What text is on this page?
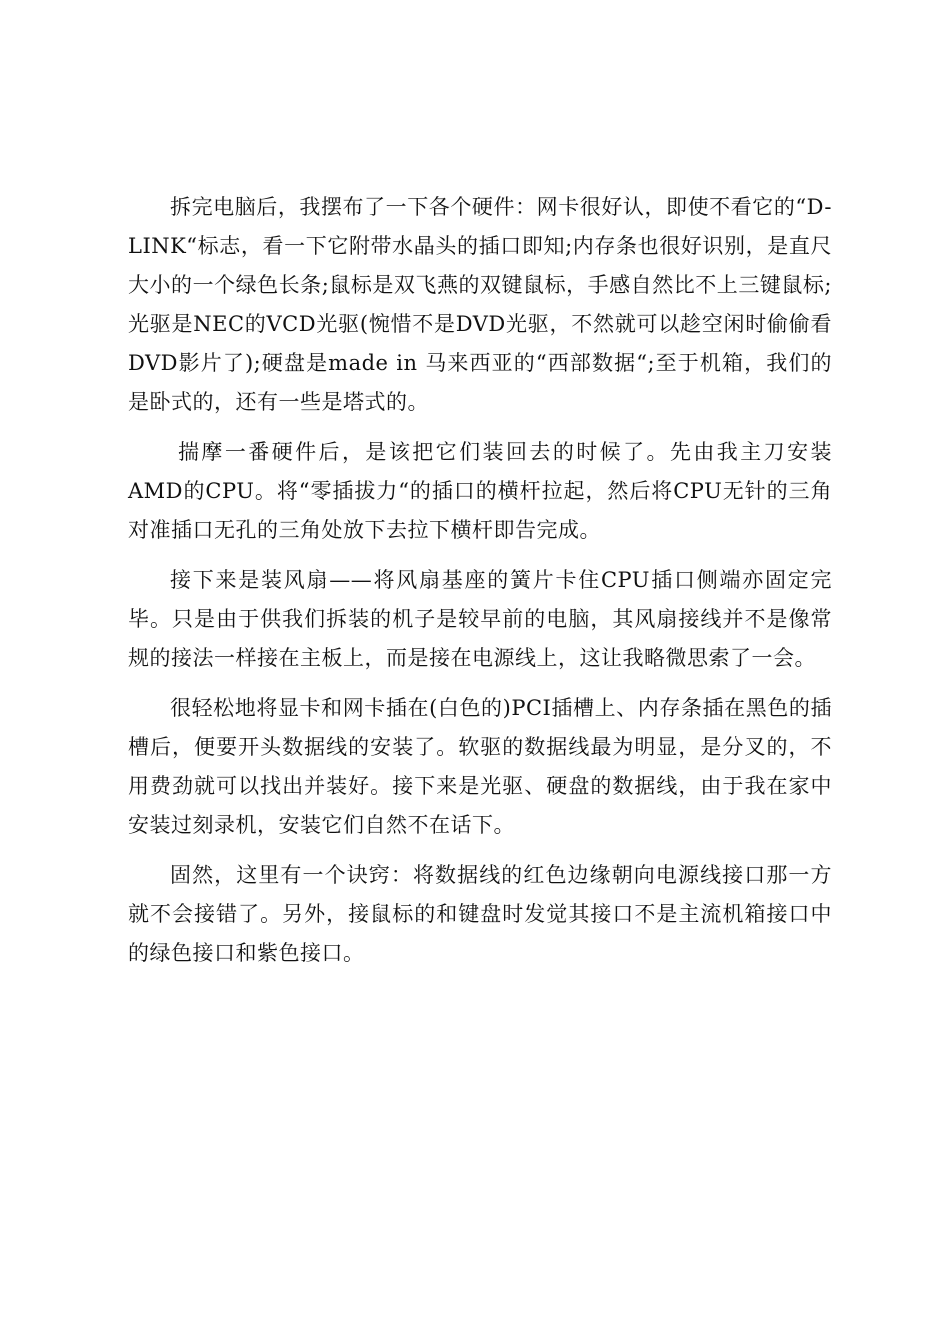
拆完电脑后，我摆布了一下各个硬件：网卡很好认，即使不看它的“D-LINK“标志，看一下它附带水晶头的插口即知;内存条也很好识别，是直尺大小的一个绿色长条;鼠标是双飞燕的双键鼠标，手感自然比不上三键鼠标;光驱是NEC的VCD光驱(惋惜不是DVD光驱，不然就可以趁空闲时偷偷看DVD影片了);硬盘是made in 马来西亚的“西部数据“;至于机箱，我们的是卧式的，还有一些是塔式的。

揣摩一番硬件后，是该把它们装回去的时候了。先由我主刀安装AMD的CPU。将“零插拔力“的插口的横杆拉起，然后将CPU无针的三角对准插口无孔的三角处放下去拉下横杆即告完成。

接下来是装风扇——将风扇基座的簧片卡住CPU插口侧端亦固定完毕。只是由于供我们拆装的机子是较早前的电脑，其风扇接线并不是像常规的接法一样接在主板上，而是接在电源线上，这让我略微思索了一会。

很轻松地将显卡和网卡插在(白色的)PCI插槽上、内存条插在黑色的插槽后，便要开头数据线的安装了。软驱的数据线最为明显，是分叉的，不用费劲就可以找出并装好。接下来是光驱、硬盘的数据线，由于我在家中安装过刻录机，安装它们自然不在话下。

固然，这里有一个诀窍：将数据线的红色边缘朝向电源线接口那一方就不会接错了。另外，接鼠标的和键盘时发觉其接口不是主流机箱接口中的绿色接口和紫色接口。
